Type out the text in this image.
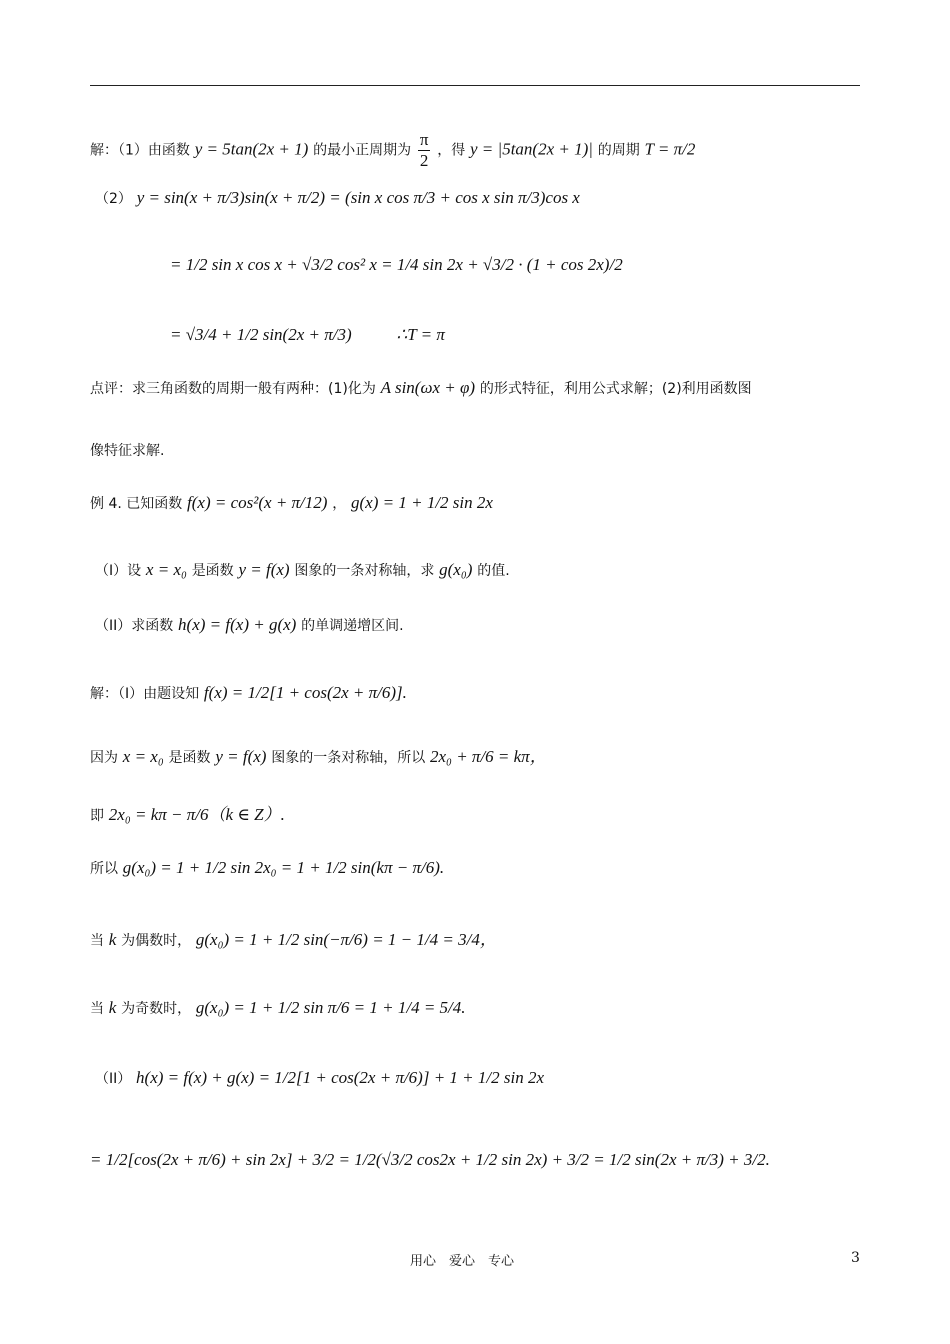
解：（1）由函数 y = 5tan(2x + 1) 的最小正周期为 $\frac{\pi}{2}$ ，得 y = |5tan(2x + 1)| 的周期 T = π/2
（2） y = sin(x + π/3)sin(x + π/2) = (sin x cos π/3 + cos x sin π/3)cos x
= 1/2 sin x cos x + √3/2 cos² x = 1/4 sin 2x + √3/2 · (1 + cos 2x)/2
= √3/4 + 1/2 sin(2x + π/3)	∴T = π
点评：求三角函数的周期一般有两种：(1)化为 A sin(ωx + φ) 的形式特征，利用公式求解；(2)利用函数图
像特征求解.
例 4. 已知函数 f(x) = cos²(x + π/12) ， g(x) = 1 + 1/2 sin 2x
（I）设 x = x₀ 是函数 y = f(x) 图象的一条对称轴，求 g(x₀) 的值.
（II）求函数 h(x) = f(x) + g(x) 的单调递增区间.
解：（I）由题设知 f(x) = 1/2[1 + cos(2x + π/6)].
因为 x = x₀ 是函数 y = f(x) 图象的一条对称轴，所以 2x₀ + π/6 = kπ，
即 2x₀ = kπ − π/6（k ∈ Z）.
所以 g(x₀) = 1 + 1/2 sin 2x₀ = 1 + 1/2 sin(kπ − π/6).
当 k 为偶数时， g(x₀) = 1 + 1/2 sin(−π/6) = 1 − 1/4 = 3/4，
当 k 为奇数时， g(x₀) = 1 + 1/2 sin π/6 = 1 + 1/4 = 5/4.
（II） h(x) = f(x) + g(x) = 1/2[1 + cos(2x + π/6)] + 1 + 1/2 sin 2x
= 1/2[cos(2x + π/6) + sin 2x] + 3/2 = 1/2(√3/2 cos2x + 1/2 sin 2x) + 3/2 = 1/2 sin(2x + π/3) + 3/2.
用心　爱心　专心	3
